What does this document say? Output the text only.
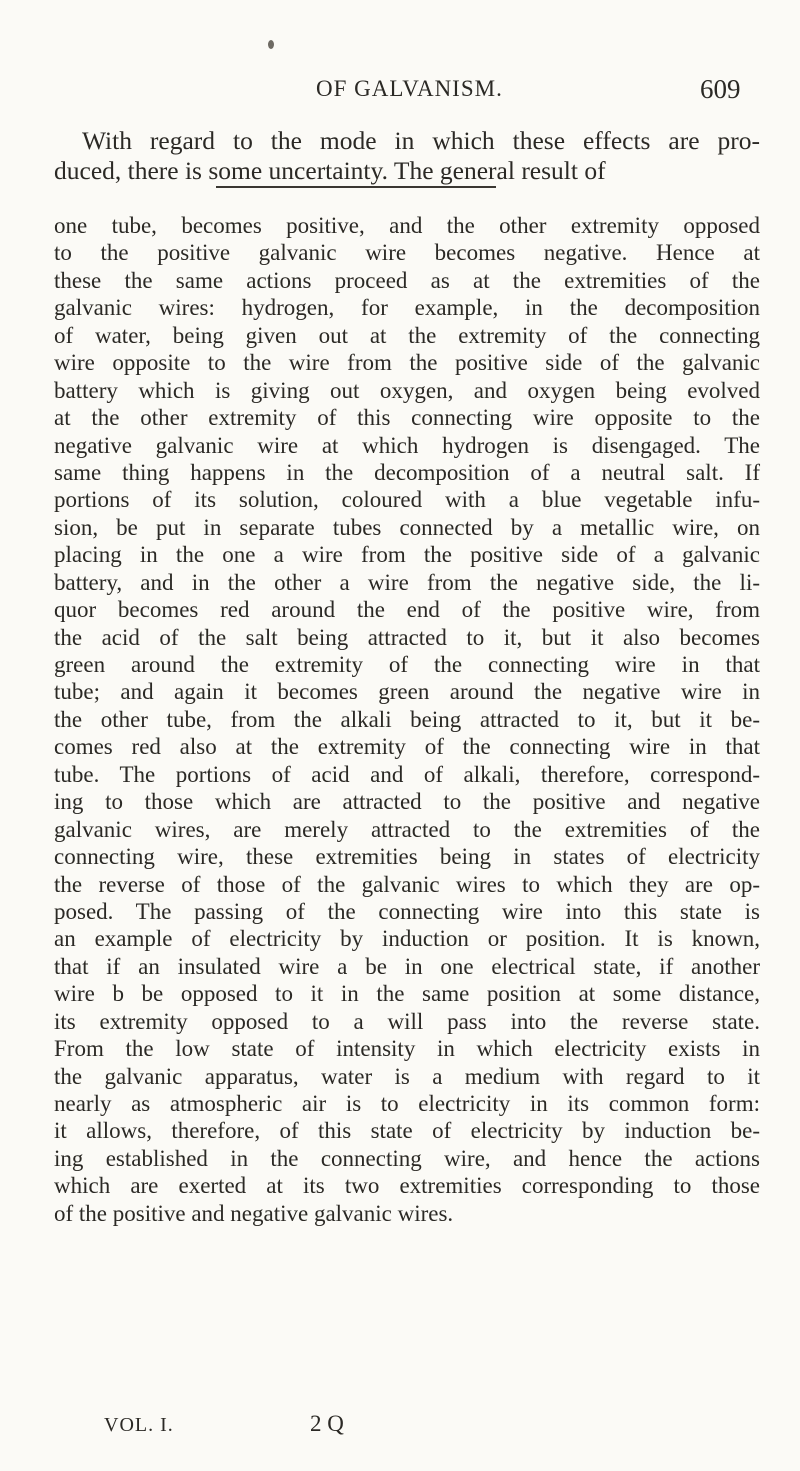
OF GALVANISM.	609
With regard to the mode in which these effects are pro-
duced, there is some uncertainty. The general result of
one tube, becomes positive, and the other extremity opposed
to the positive galvanic wire becomes negative. Hence at
these the same actions proceed as at the extremities of the
galvanic wires: hydrogen, for example, in the decomposition
of water, being given out at the extremity of the connecting
wire opposite to the wire from the positive side of the galvanic
battery which is giving out oxygen, and oxygen being evolved
at the other extremity of this connecting wire opposite to the
negative galvanic wire at which hydrogen is disengaged. The
same thing happens in the decomposition of a neutral salt. If
portions of its solution, coloured with a blue vegetable infu-
sion, be put in separate tubes connected by a metallic wire, on
placing in the one a wire from the positive side of a galvanic
battery, and in the other a wire from the negative side, the li-
quor becomes red around the end of the positive wire, from
the acid of the salt being attracted to it, but it also becomes
green around the extremity of the connecting wire in that
tube; and again it becomes green around the negative wire in
the other tube, from the alkali being attracted to it, but it be-
comes red also at the extremity of the connecting wire in that
tube. The portions of acid and of alkali, therefore, correspond-
ing to those which are attracted to the positive and negative
galvanic wires, are merely attracted to the extremities of the
connecting wire, these extremities being in states of electricity
the reverse of those of the galvanic wires to which they are op-
posed. The passing of the connecting wire into this state is
an example of electricity by induction or position. It is known,
that if an insulated wire a be in one electrical state, if another
wire b be opposed to it in the same position at some distance,
its extremity opposed to a will pass into the reverse state.
From the low state of intensity in which electricity exists in
the galvanic apparatus, water is a medium with regard to it
nearly as atmospheric air is to electricity in its common form:
it allows, therefore, of this state of electricity by induction be-
ing established in the connecting wire, and hence the actions
which are exerted at its two extremities corresponding to those
of the positive and negative galvanic wires.
VOL. I.	2 Q
